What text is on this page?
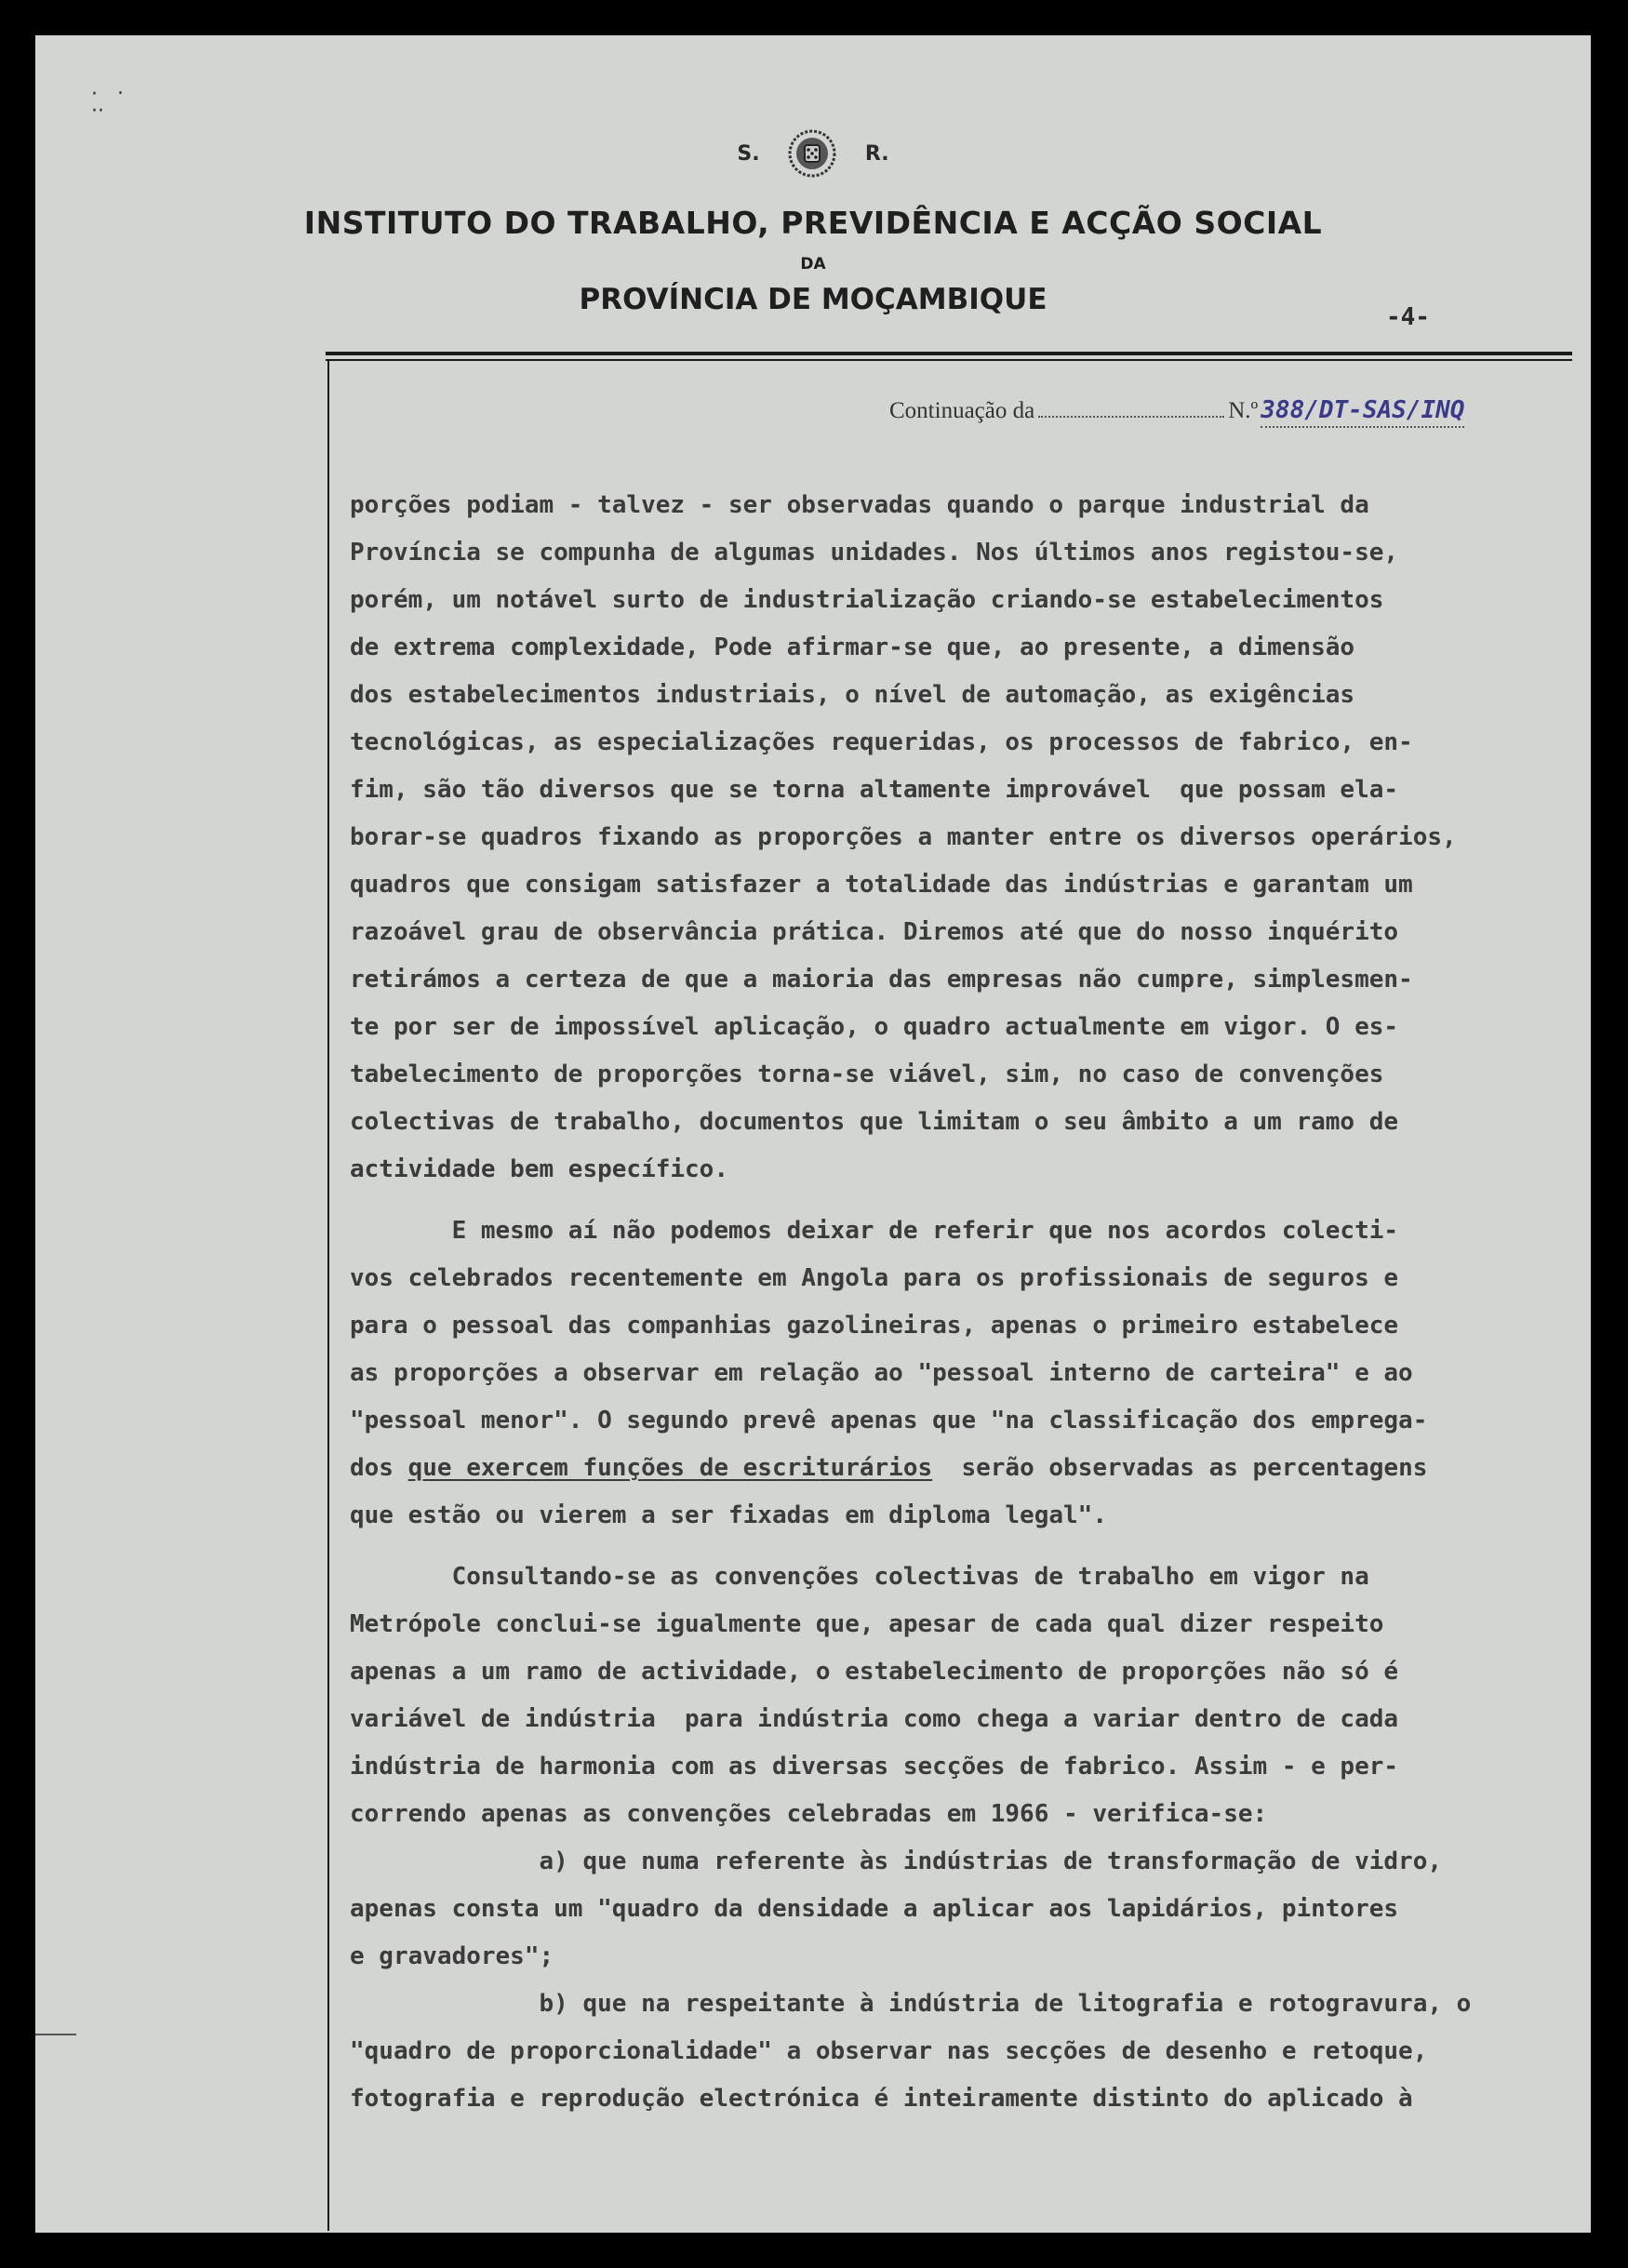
·   ‧
··
S.	R.
INSTITUTO DO TRABALHO, PREVIDÊNCIA E ACÇÃO SOCIAL
DA
PROVÍNCIA DE MOÇAMBIQUE
-4-
Continuação da	N.º 388/DT-SAS/INQ
porções podiam - talvez - ser observadas quando o parque industrial da
Província se compunha de algumas unidades. Nos últimos anos registou-se,
porém, um notável surto de industrialização criando-se estabelecimentos
de extrema complexidade, Pode afirmar-se que, ao presente, a dimensão
dos estabelecimentos industriais, o nível de automação, as exigências
tecnológicas, as especializações requeridas, os processos de fabrico, en-
fim, são tão diversos que se torna altamente improvável  que possam ela-
borar-se quadros fixando as proporções a manter entre os diversos operários,
quadros que consigam satisfazer a totalidade das indústrias e garantam um
razoável grau de observância prática. Diremos até que do nosso inquérito
retirámos a certeza de que a maioria das empresas não cumpre, simplesmen-
te por ser de impossível aplicação, o quadro actualmente em vigor. O es-
tabelecimento de proporções torna-se viável, sim, no caso de convenções
colectivas de trabalho, documentos que limitam o seu âmbito a um ramo de
actividade bem específico.
E mesmo aí não podemos deixar de referir que nos acordos colecti-
vos celebrados recentemente em Angola para os profissionais de seguros e
para o pessoal das companhias gazolineiras, apenas o primeiro estabelece
as proporções a observar em relação ao "pessoal interno de carteira" e ao
"pessoal menor". O segundo prevê apenas que "na classificação dos emprega-
dos que exercem funções de escriturários  serão observadas as percentagens
que estão ou vierem a ser fixadas em diploma legal".
Consultando-se as convenções colectivas de trabalho em vigor na
Metrópole conclui-se igualmente que, apesar de cada qual dizer respeito
apenas a um ramo de actividade, o estabelecimento de proporções não só é
variável de indústria  para indústria como chega a variar dentro de cada
indústria de harmonia com as diversas secções de fabrico. Assim - e per-
correndo apenas as convenções celebradas em 1966 - verifica-se:
a) que numa referente às indústrias de transformação de vidro,
apenas consta um "quadro da densidade a aplicar aos lapidários, pintores
e gravadores";
b) que na respeitante à indústria de litografia e rotogravura, o
"quadro de proporcionalidade" a observar nas secções de desenho e retoque,
fotografia e reprodução electrónica é inteiramente distinto do aplicado à
